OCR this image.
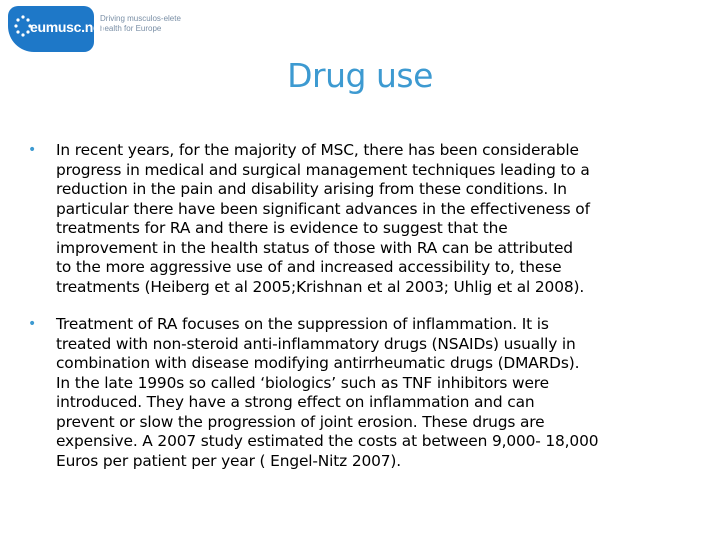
eumusc.net
Driving musculos-elete
health for Europe
Drug use
•	In recent years, for the majority of MSC, there has been considerable
progress in medical and surgical management techniques leading to a
reduction in the pain and disability arising from these conditions. In
particular there have been significant advances in the effectiveness of
treatments for RA and there is evidence to suggest that the
improvement in the health status of those with RA can be attributed
to the more aggressive use of and increased accessibility to, these
treatments (Heiberg et al 2005;Krishnan et al 2003; Uhlig et al 2008).
•	Treatment of RA focuses on the suppression of inflammation. It is
treated with non-steroid anti-inflammatory drugs (NSAIDs) usually in
combination with disease modifying antirrheumatic drugs (DMARDs).
In the late 1990s so called ‘biologics’ such as TNF inhibitors were
introduced. They have a strong effect on inflammation and can
prevent or slow the progression of joint erosion. These drugs are
expensive. A 2007 study estimated the costs at between 9,000- 18,000
Euros per patient per year ( Engel-Nitz 2007).
